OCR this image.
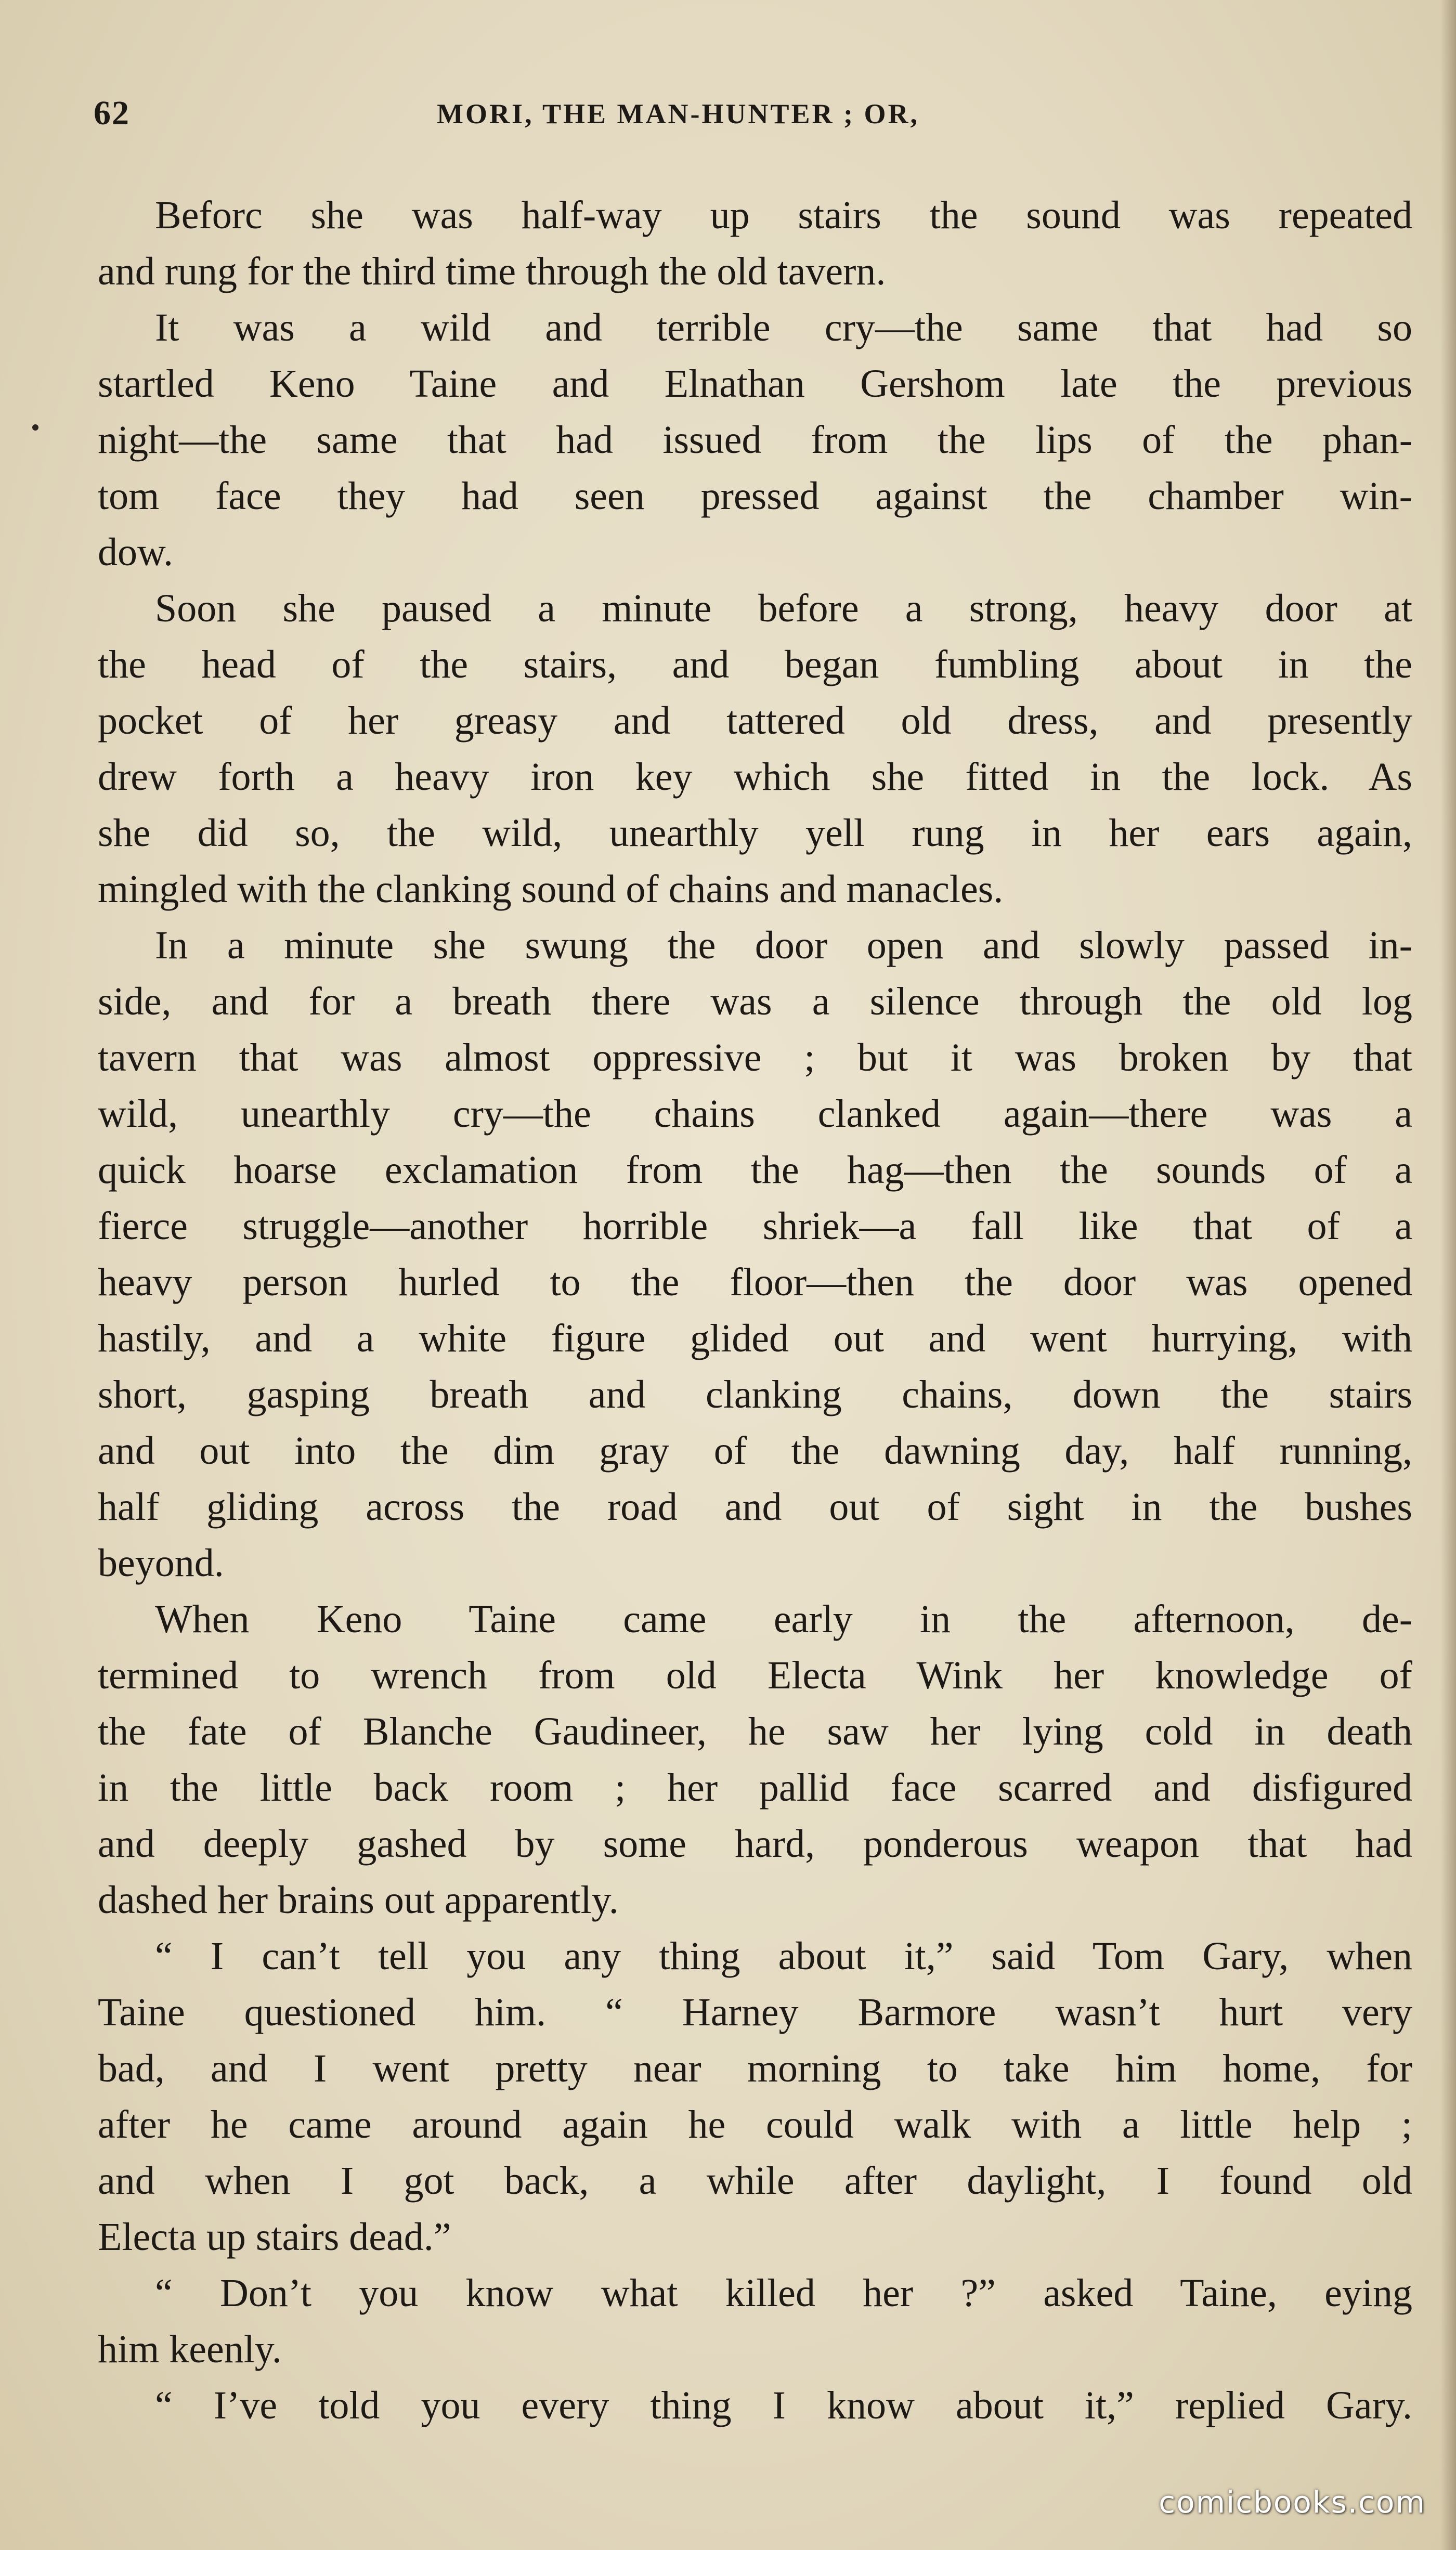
62	MORI, THE MAN-HUNTER ; OR,
Beforc she was half-way up stairs the sound was repeated
and rung for the third time through the old tavern.
It was a wild and terrible cry—the same that had so
startled Keno Taine and Elnathan Gershom late the previous
night—the same that had issued from the lips of the phan-
tom face they had seen pressed against the chamber win-
dow.
Soon she paused a minute before a strong, heavy door at
the head of the stairs, and began fumbling about in the
pocket of her greasy and tattered old dress, and presently
drew forth a heavy iron key which she fitted in the lock. As
she did so, the wild, unearthly yell rung in her ears again,
mingled with the clanking sound of chains and manacles.
In a minute she swung the door open and slowly passed in-
side, and for a breath there was a silence through the old log
tavern that was almost oppressive ; but it was broken by that
wild, unearthly cry—the chains clanked again—there was a
quick hoarse exclamation from the hag—then the sounds of a
fierce struggle—another horrible shriek—a fall like that of a
heavy person hurled to the floor—then the door was opened
hastily, and a white figure glided out and went hurrying, with
short, gasping breath and clanking chains, down the stairs
and out into the dim gray of the dawning day, half running,
half gliding across the road and out of sight in the bushes
beyond.
When Keno Taine came early in the afternoon, de-
termined to wrench from old Electa Wink her knowledge of
the fate of Blanche Gaudineer, he saw her lying cold in death
in the little back room ; her pallid face scarred and disfigured
and deeply gashed by some hard, ponderous weapon that had
dashed her brains out apparently.
“ I can’t tell you any thing about it,” said Tom Gary, when
Taine questioned him. “ Harney Barmore wasn’t hurt very
bad, and I went pretty near morning to take him home, for
after he came around again he could walk with a little help ;
and when I got back, a while after daylight, I found old
Electa up stairs dead.”
“ Don’t you know what killed her ?” asked Taine, eying
him keenly.
“ I’ve told you every thing I know about it,” replied Gary.
comicbooks.com
